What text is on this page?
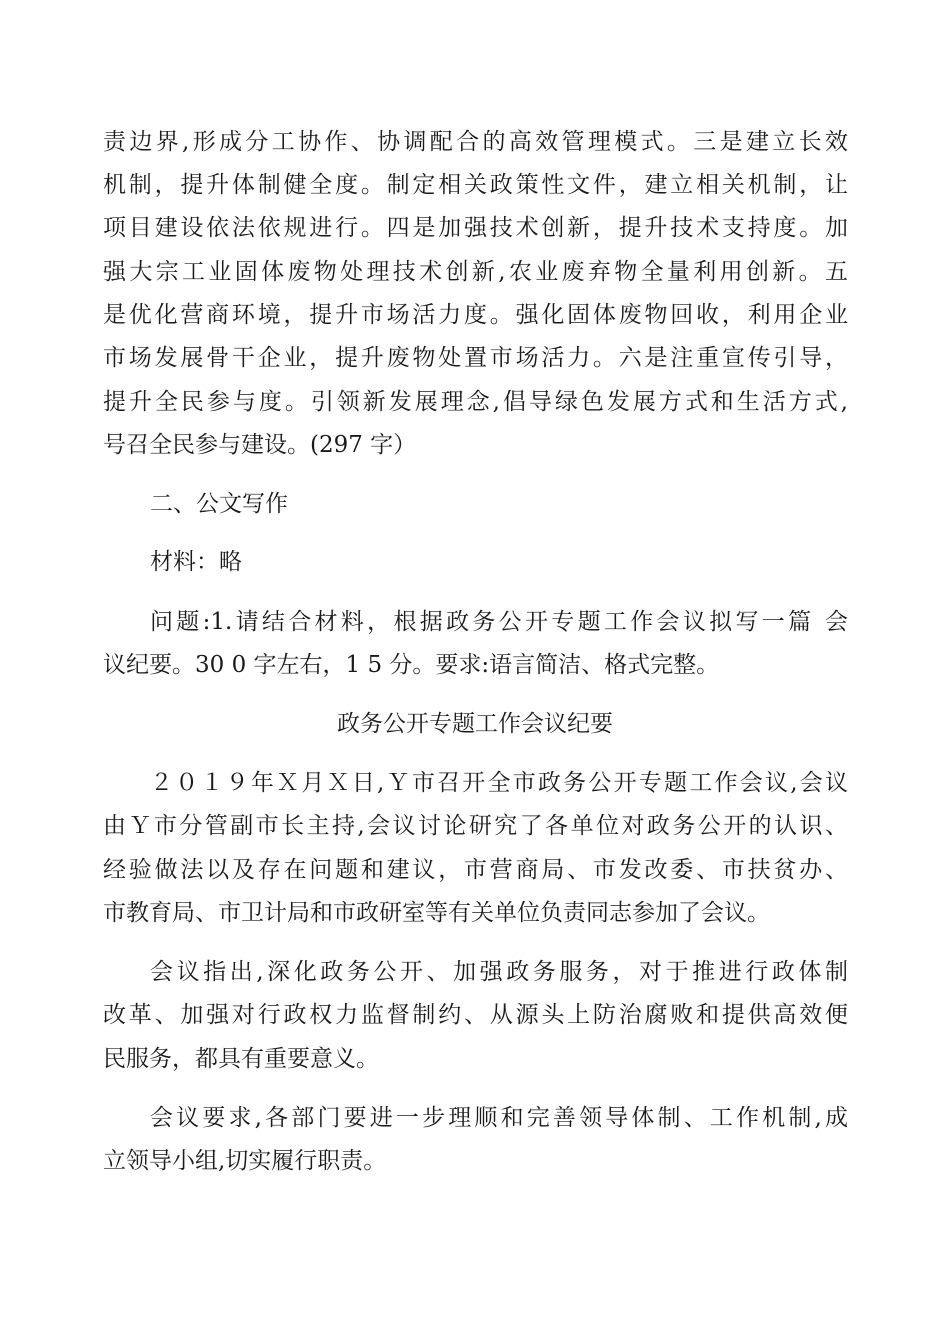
责边界,形成分工协作、协调配合的高效管理模式。三是建立长效
机制，提升体制健全度。制定相关政策性文件，建立相关机制，让
项目建设依法依规进行。四是加强技术创新，提升技术支持度。加
强大宗工业固体废物处理技术创新,农业废弃物全量利用创新。五
是优化营商环境，提升市场活力度。强化固体废物回收，利用企业
市场发展骨干企业，提升废物处置市场活力。六是注重宣传引导，
提升全民参与度。引领新发展理念,倡导绿色发展方式和生活方式,
号召全民参与建设。(297 字）
二、公文写作
材料：略
问题:1.请结合材料，根据政务公开专题工作会议拟写一篇 会
议纪要。30 0 字左右，1 5 分。要求:语言简洁、格式完整。
政务公开专题工作会议纪要
２０１９年Ｘ月Ｘ日,Ｙ市召开全市政务公开专题工作会议,会议
由Ｙ市分管副市长主持,会议讨论研究了各单位对政务公开的认识、
经验做法以及存在问题和建议，市营商局、市发改委、市扶贫办、
市教育局、市卫计局和市政研室等有关单位负责同志参加了会议。
会议指出,深化政务公开、加强政务服务，对于推进行政体制
改革、加强对行政权力监督制约、从源头上防治腐败和提供高效便
民服务，都具有重要意义。
会议要求,各部门要进一步理顺和完善领导体制、工作机制,成
立领导小组,切实履行职责。
